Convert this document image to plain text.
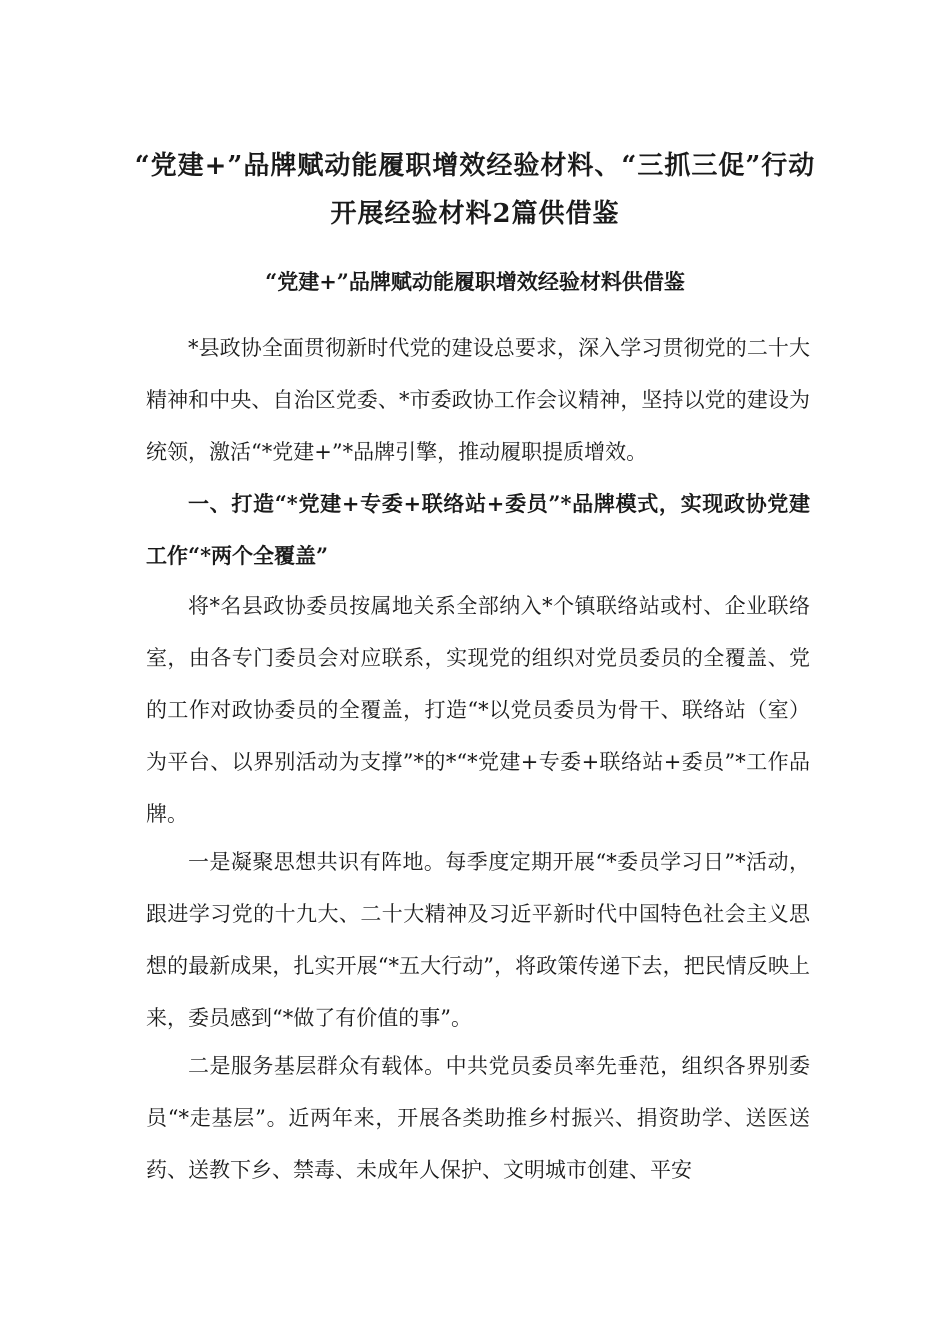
“党建+”品牌赋动能履职增效经验材料、“三抓三促”行动开展经验材料2篇供借鉴
“党建+”品牌赋动能履职增效经验材料供借鉴

*县政协全面贯彻新时代党的建设总要求，深入学习贯彻党的二十大精神和中央、自治区党委、*市委政协工作会议精神，坚持以党的建设为统领，激活“*党建+”*品牌引擎，推动履职提质增效。

一、打造“*党建+专委+联络站+委员”*品牌模式，实现政协党建工作“*两个全覆盖”

将*名县政协委员按属地关系全部纳入*个镇联络站或村、企业联络室，由各专门委员会对应联系，实现党的组织对党员委员的全覆盖、党的工作对政协委员的全覆盖，打造“*以党员委员为骨干、联络站（室）为平台、以界别活动为支撑”*的*“*党建+专委+联络站+委员”*工作品牌。

一是凝聚思想共识有阵地。每季度定期开展“*委员学习日”*活动，跟进学习党的十九大、二十大精神及习近平新时代中国特色社会主义思想的最新成果，扎实开展“*五大行动”，将政策传递下去，把民情反映上来，委员感到“*做了有价值的事”。

二是服务基层群众有载体。中共党员委员率先垂范，组织各界别委员“*走基层”。近两年来，开展各类助推乡村振兴、捐资助学、送医送药、送教下乡、禁毒、未成年人保护、文明城市创建、平安
